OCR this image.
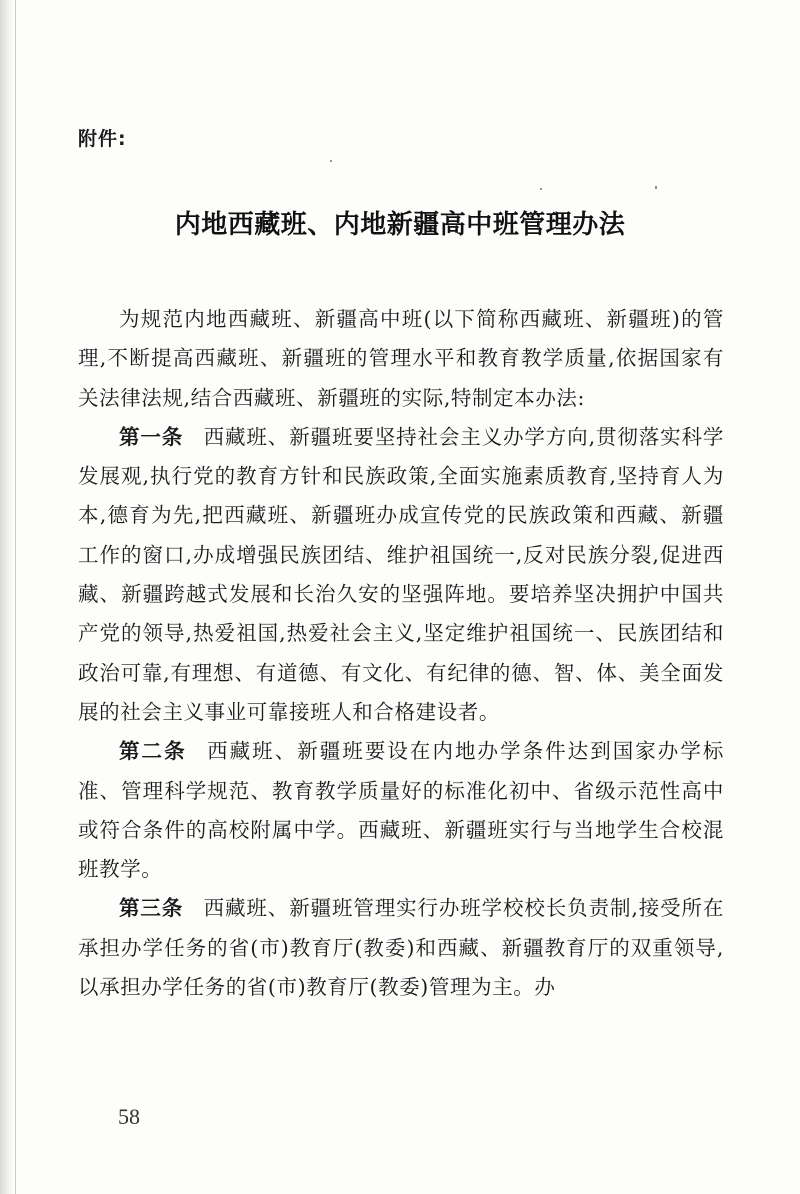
附件:
内地西藏班、内地新疆高中班管理办法

为规范内地西藏班、新疆高中班(以下简称西藏班、新疆班)的管理,不断提高西藏班、新疆班的管理水平和教育教学质量,依据国家有关法律法规,结合西藏班、新疆班的实际,特制定本办法:

第一条 西藏班、新疆班要坚持社会主义办学方向,贯彻落实科学发展观,执行党的教育方针和民族政策,全面实施素质教育,坚持育人为本,德育为先,把西藏班、新疆班办成宣传党的民族政策和西藏、新疆工作的窗口,办成增强民族团结、维护祖国统一,反对民族分裂,促进西藏、新疆跨越式发展和长治久安的坚强阵地。要培养坚决拥护中国共产党的领导,热爱祖国,热爱社会主义,坚定维护祖国统一、民族团结和政治可靠,有理想、有道德、有文化、有纪律的德、智、体、美全面发展的社会主义事业可靠接班人和合格建设者。

第二条 西藏班、新疆班要设在内地办学条件达到国家办学标准、管理科学规范、教育教学质量好的标准化初中、省级示范性高中或符合条件的高校附属中学。西藏班、新疆班实行与当地学生合校混班教学。

第三条 西藏班、新疆班管理实行办班学校校长负责制,接受所在承担办学任务的省(市)教育厅(教委)和西藏、新疆教育厅的双重领导,以承担办学任务的省(市)教育厅(教委)管理为主。办

58
